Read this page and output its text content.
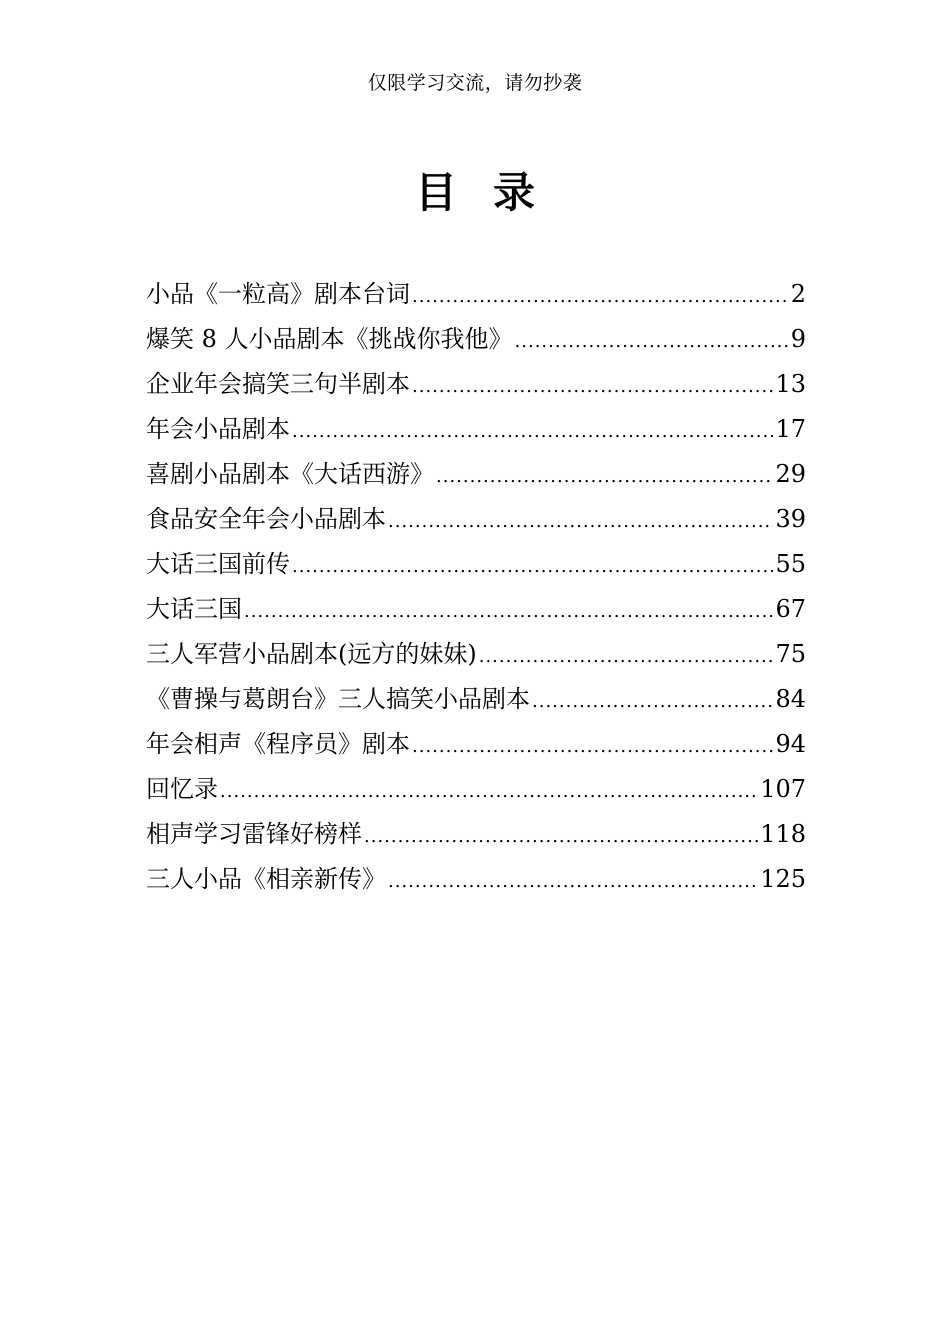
仅限学习交流，请勿抄袭
目录
小品《一粒高》剧本台词 .....	2
爆笑 8 人小品剧本《挑战你我他》 .....	9
企业年会搞笑三句半剧本 .....	13
年会小品剧本 .....	17
喜剧小品剧本《大话西游》 .....	29
食品安全年会小品剧本 .....	39
大话三国前传 .....	55
大话三国 .....	67
三人军营小品剧本(远方的妹妹) .....	75
《曹操与葛朗台》三人搞笑小品剧本 .....	84
年会相声《程序员》剧本 .....	94
回忆录 .....	107
相声学习雷锋好榜样 .....	118
三人小品《相亲新传》 .....	125
